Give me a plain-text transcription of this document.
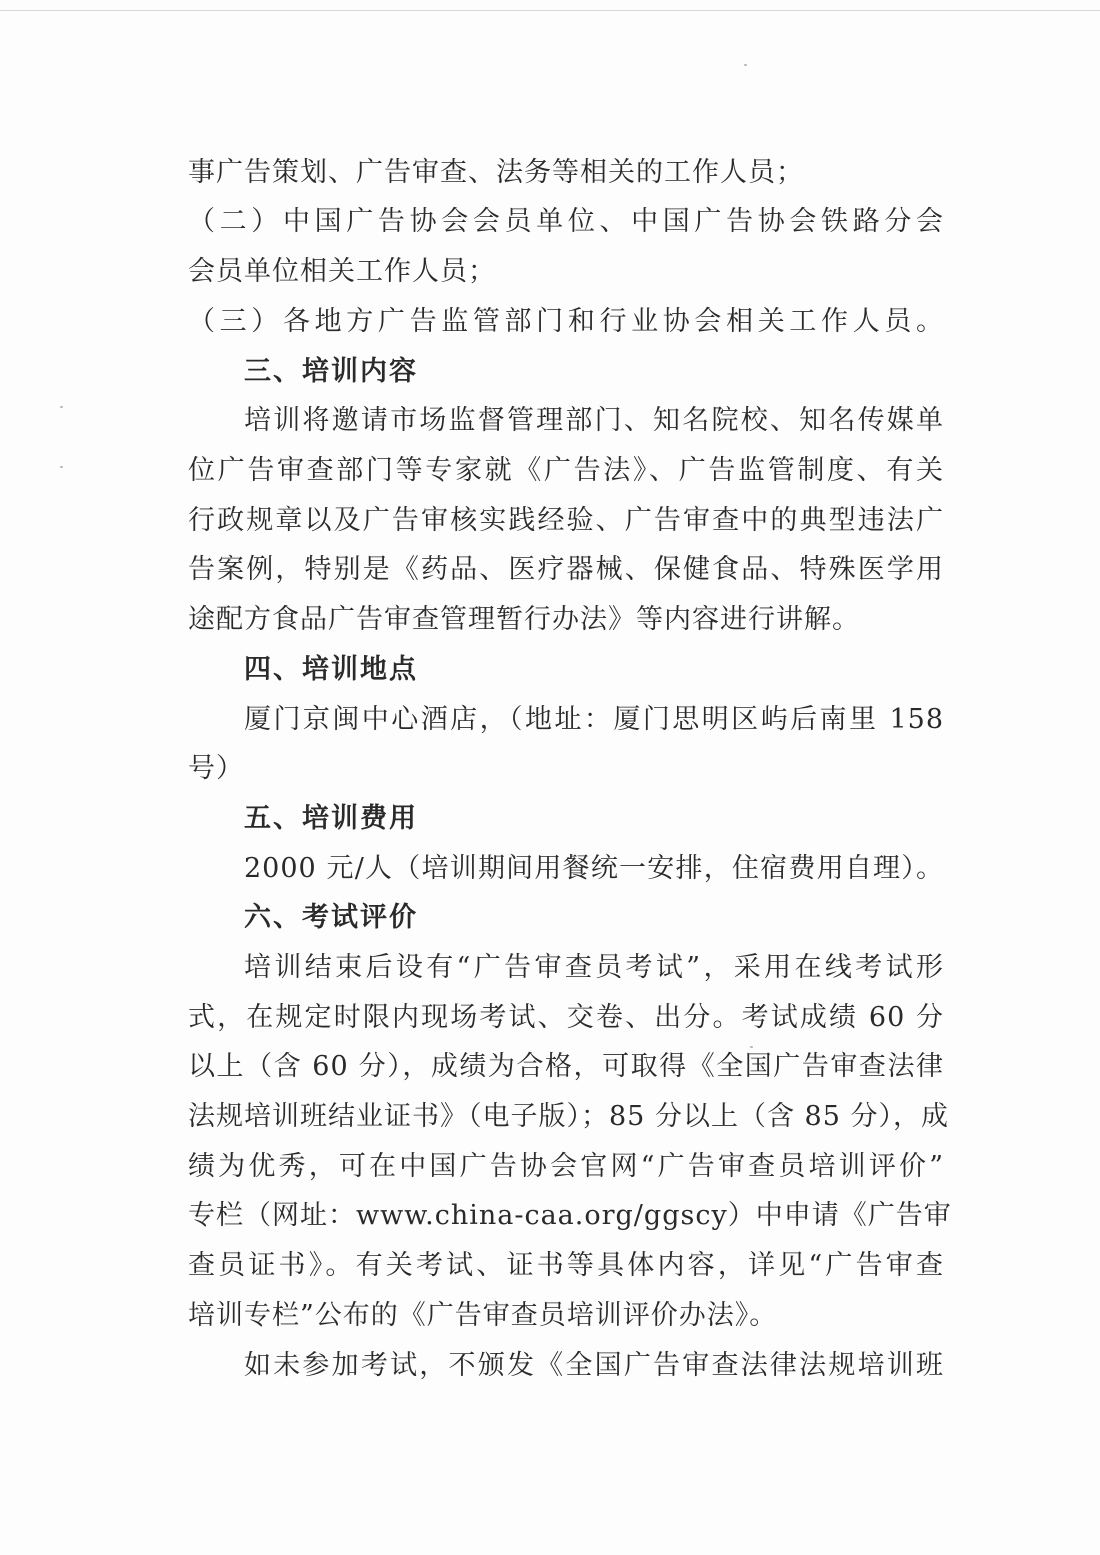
事广告策划、广告审查、法务等相关的工作人员；
（二）中国广告协会会员单位、中国广告协会铁路分会
会员单位相关工作人员；
（三）各地方广告监管部门和行业协会相关工作人员。
三、培训内容
培训将邀请市场监督管理部门、知名院校、知名传媒单
位广告审查部门等专家就《广告法》、广告监管制度、有关
行政规章以及广告审核实践经验、广告审查中的典型违法广
告案例，特别是《药品、医疗器械、保健食品、特殊医学用
途配方食品广告审查管理暂行办法》等内容进行讲解。
四、培训地点
厦门京闽中心酒店，（地址：厦门思明区屿后南里 158
号）
五、培训费用
2000 元/人（培训期间用餐统一安排，住宿费用自理）。
六、考试评价
培训结束后设有“广告审查员考试”，采用在线考试形
式，在规定时限内现场考试、交卷、出分。考试成绩 60 分
以上（含 60 分），成绩为合格，可取得《全国广告审查法律
法规培训班结业证书》（电子版）；85 分以上（含 85 分），成
绩为优秀，可在中国广告协会官网“广告审查员培训评价”
专栏（网址：www.china-caa.org/ggscy）中申请《广告审
查员证书》。有关考试、证书等具体内容，详见“广告审查
培训专栏”公布的《广告审查员培训评价办法》。
如未参加考试，不颁发《全国广告审查法律法规培训班
